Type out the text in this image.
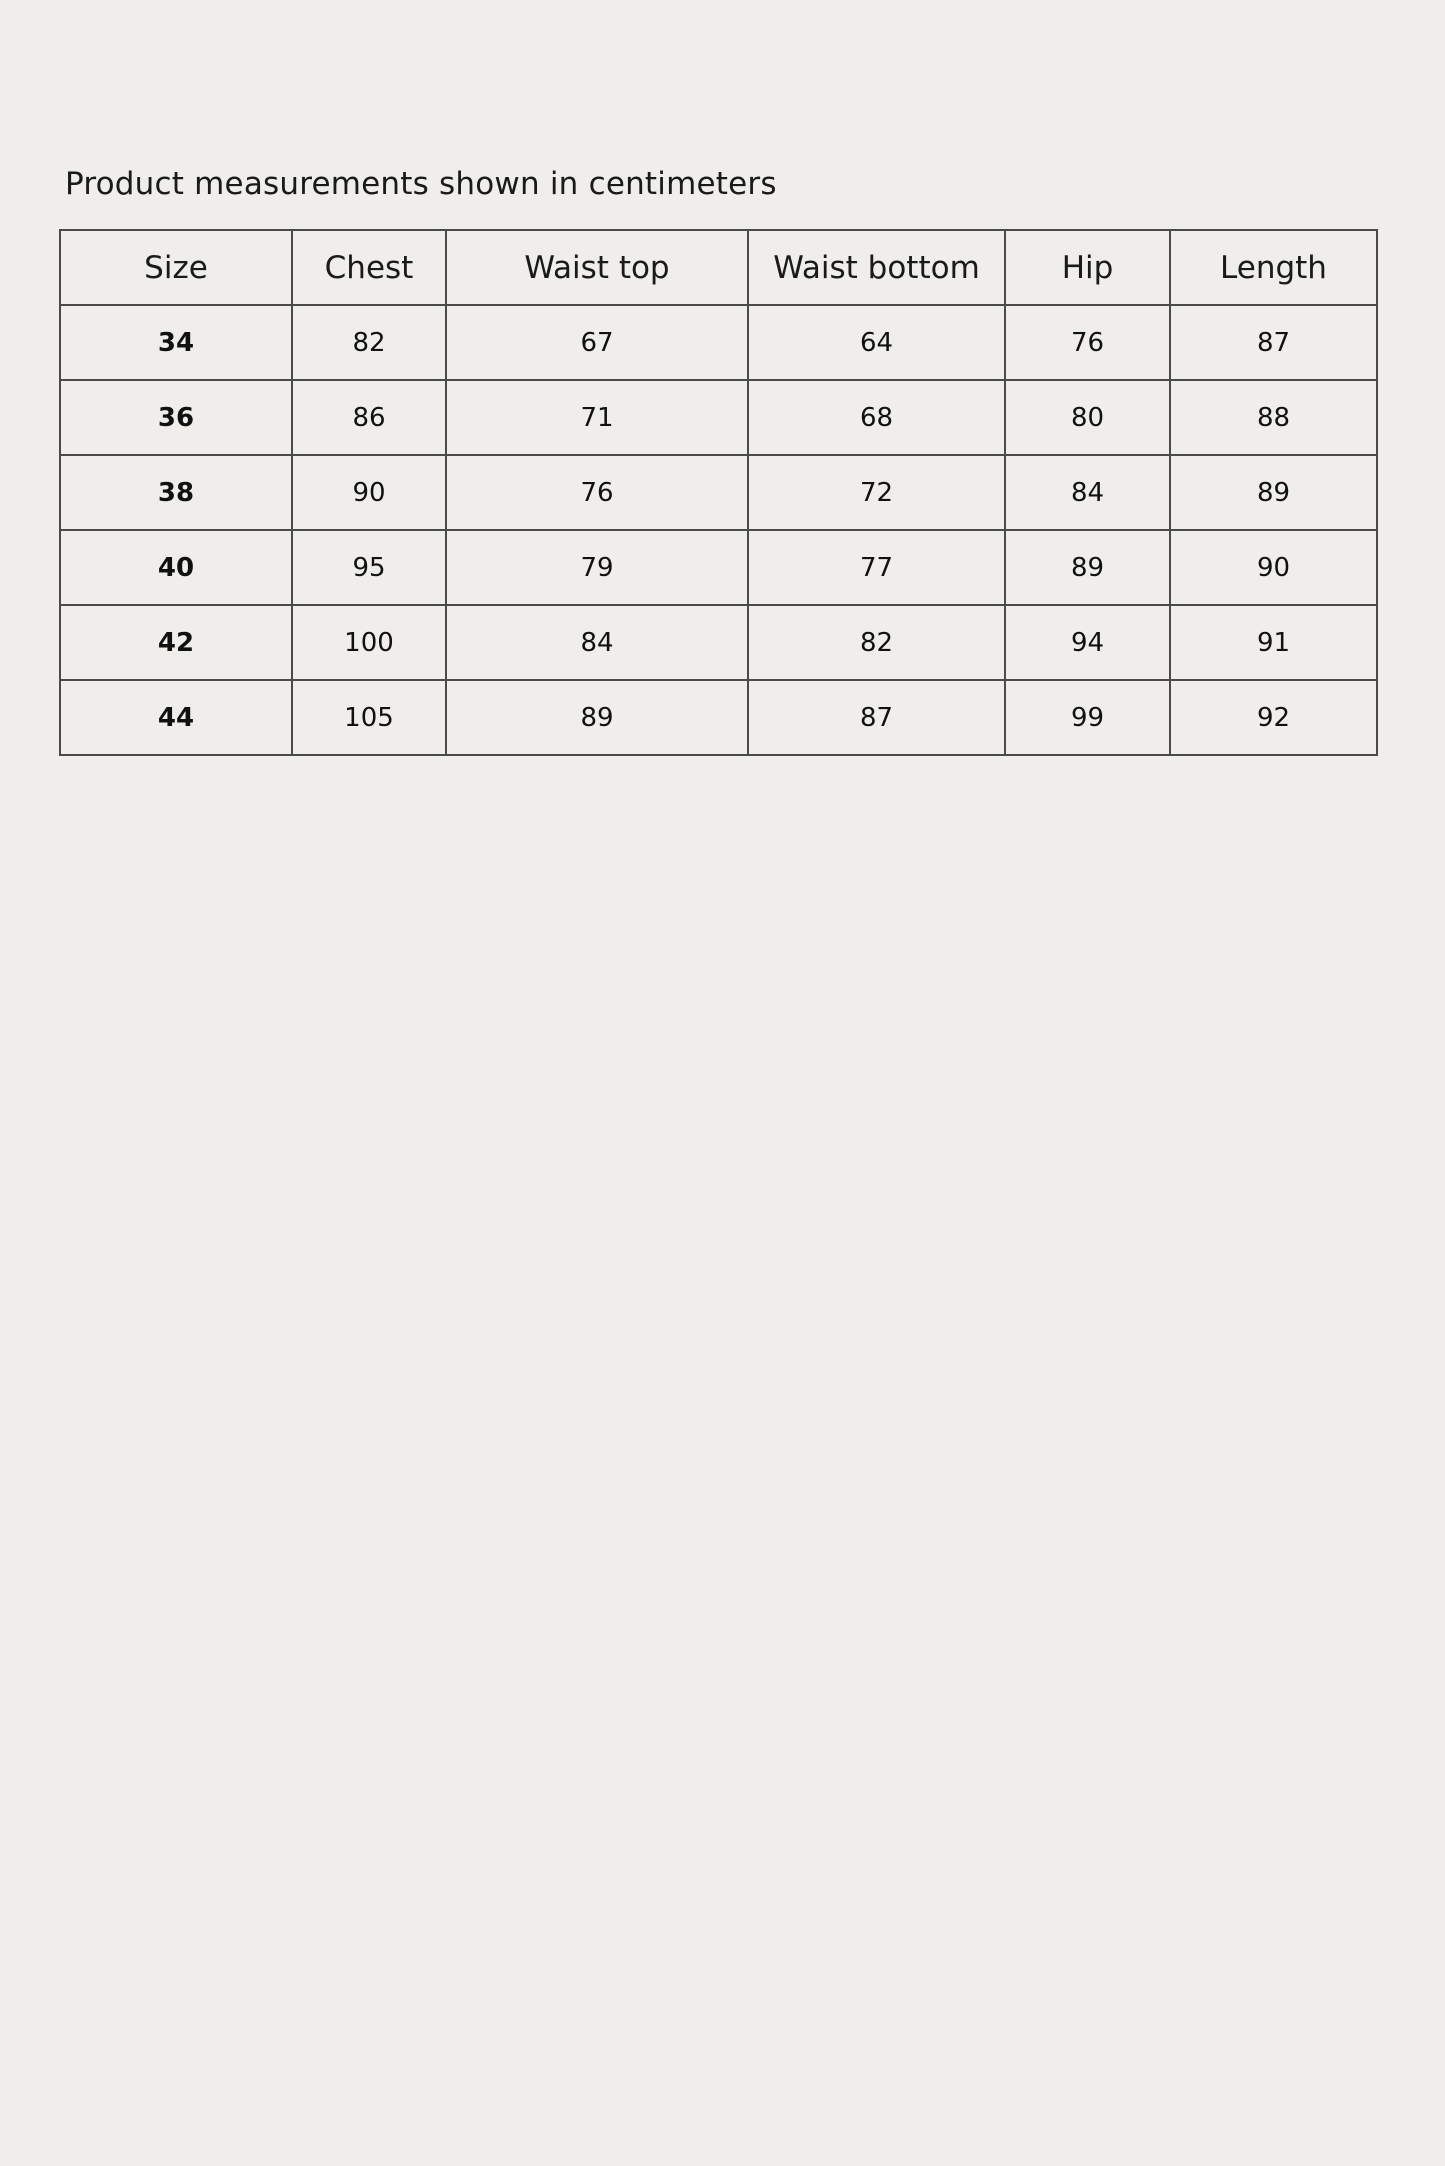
Product measurements shown in centimeters
Size	Chest	Waist top	Waist bottom	Hip	Length
34	82	67	64	76	87
36	86	71	68	80	88
38	90	76	72	84	89
40	95	79	77	89	90
42	100	84	82	94	91
44	105	89	87	99	92
